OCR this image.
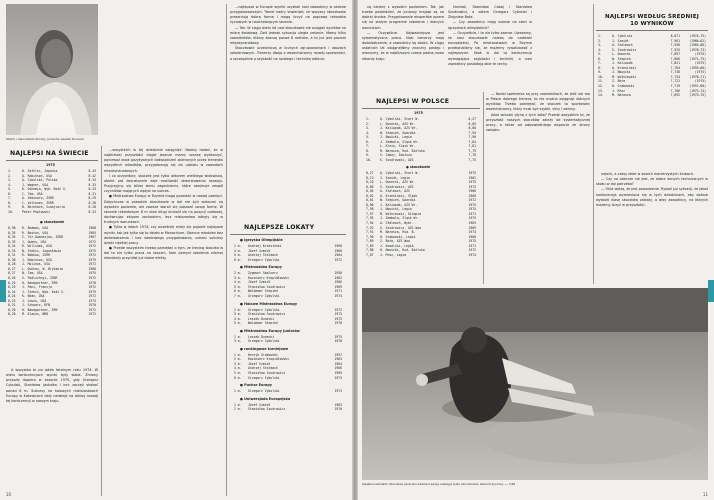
Mistrz i rekordzista Europy juniorów Leszek Dunecki
NAJLEPSI NA ŚWIECIE
1975
1.	H. Sattler, Japonia	8.43
2.	A. Robinson, USA	8.42
3.	Q. Cybulski, Polska	8.34
4.	J. Wagner, USA	8.33
5.	D. Ochemia, Wyb. Kość S.	8.33
6.	C. Tam, USA	8.31
7.	A. Seminaro, ZSRR	8.29
8.	C. Valtonen, ZSRR	8.28
9.	B. Bernhard, Szwajcaria	8.28
10.	Peter Pawlowski	8.23
● skoczkowie
8,90	R. Beamon, USA	1968
8,35	R. Boston, USA	1965
8,35	I. Ter-Owanesjan, ZSRR	1967
8,35	J. Owens, USA	1972
8,34	R. Williams, USA	1972
8,33	N. Stekic, Jugosławia	1975
8,31	K. Bobkow, ZSRR	1972
8,30	J. Robinson, USA	1975
8,28	J. Molinas, USA	1972
8,27	L. Dunkov, W. Brytania	1968
8,27	N. Tam, USA	1975
8,26	V. Podluzhnyi, ZSRR	1972
8,25	H. Baumgartner, RFN	1970
8,25	J. Pani, Francja	1972
8,24	J. Stekić, Wyb. Kość S.	1975
8,24	K. Bean, USA	1972
8,23	J. Lewis, USA	1973
8,21	J. Schwarz, RFN	1970
8,20	H. Baumgartner, RFN	1972
8,20	M. Klauss, NRD	1972

A wszystko to po jakim fatalnym roku 1974. W wielu konkurencjach wyniki były słabe. Zmiany przyszły dopiero w sezonie 1975, gdy Grzegorz Cybulski, Stanisław Jaskułka i inni zaczęli skakać ponad 8 m. Sukcesy na halowych mistrzostwach Europy w Katowicach dały nadzieję na dalszy rozwój tej konkurencji w naszym kraju.

...wszystkich w tej dziedzinie osiągnięć. Należy dodać, że w najbliższej przyszłości ciągle jeszcze mamy szansę wyskoczyć, ponieważ obok pozytywnych doświadczeń zbieranych przez trenerów wszystkich ośrodków, przygotowują się do udziału w zawodach międzynarodowych.

I co oczywiście, skoczek jest tylko aktorem wielkiego widowiska, obiekt zaś bezustannie daje możliwość obserwowania rozwoju. Przyjrzyjmy się bliżej temu zagadnieniu, które obejmuje zespół czynników mających wpływ na sukces.

● Mistrzostwa Europy w Rzymie mogą pozostać w naszej pamięci. Dotychczas w prawdzie skoczkowie w dal nie byli widoczni na wysokim poziomie, ale zawsze starali się pokazać swoją formę. W sezonie rekordowym 8 m skok długi utrwalił się na pozycji czołowej, dorównując ekipom zachodnim, lecz mistrzostwa odbyły się w trudnych warunkach.

● Tylko w latach 1974, czy wcześniej miały się pojawić najlepsze wyniki, tak jak tylko się to działo w Monachium. Obecna młodzież bez doświadczenia i bez właściwego przygotowania, odnosi sukcesy dzięki ciężkiej pracy.

● Przede wszystkim trzeba pamiętać o tym, że trening skoczka w dal to nie tylko praca na skoczni. Sam pomysł szkolenia zdolnej młodzieży przyniósł już dobre efekty.

...najlepsze w Europie wyniki uzyskali nasi zawodnicy w okresie przygotowawczym. Trener kadry stwierdził, że wszyscy skoczkowie prezentują dobrą formę i mogą liczyć na poprawę rekordów życiowych w nadchodzącym sezonie.

— Tak. W ciągu wielu lat nasi skoczkowie nie osiągali wyników na miarę światową. Dziś jednak sytuacja uległa zmianie. Mamy kilku zawodników, którzy skaczą ponad 8 metrów, a to już jest poziom międzynarodowy.

Skoczkowie uczestniczą w licznych zgrupowaniach i obozach szkoleniowych. Trenerzy dbają o wszechstronny rozwój sprawności, a szczególnie o szybkość na rozbiegu i technikę odbicia.

NAJLEPSZE LOKATY
● Igrzyska Olimpijskie
1 m.	Andrzej Krzesiński	1960
4 m.	Józef Szmidt	1960
5 m.	Andrzej Stalmach	1964
6 m.	Grzegorz Cybulski	1972
● Mistrzostwa Europy
2 m.	Zygmunt Smalcerz	1958
3 m.	Kazimierz Kropidłowski	1962
4 m.	Józef Szmidt	1966
5 m.	Stanisław Szudrowicz	1969
6 m.	Waldemar Stepień	1971
7 m.	Grzegorz Cybulski	1974
● Halowe Mistrzostwa Europy
2 m.	Grzegorz Cybulski	1972
3 m.	Stanisław Szudrowicz	1973
4 m.	Leszek Dunecki	1975
5 m.	Waldemar Stepień	1970
● Mistrzostwa Europy Juniorów
1 m.	Leszek Dunecki	1975
3 m.	Grzegorz Cybulski	1970
● rankingowe turniejowe
1 m.	Henryk Grabowski	1957
2 m.	Kazimierz Kropidłowski	1963
3 m.	Józef Szmidt	1964
4 m.	Andrzej Stalmach	1966
5 m.	Stanisław Szudrowicz	1969
6 m.	Grzegorz Cybulski	1973
● Puchar Europy
1 m.	Grzegorz Cybulski	1973
● Uniwersjada Europejska
1 m.	Józef Szmidt	1963
2 m.	Stanisław Szudrowicz	1970
10

ną karierę z wysokim poziomem. Tak, jak trzeba powiedzieć, że juniorzy krajowi są na dobrej drodze. Przygotowanie ekspertów opiera się na stałym programie szkolenia i dobrych warunkach.

— Oczywiście. Najważniejsza jest systematyczna praca. Nasi trenerzy mają doświadczenie, a zawodnicy są zdolni. W ciągu ostatnich lat osiągnęliśmy znaczny postęp i wierzymy, że w najbliższym czasie padną nowe rekordy kraju.

Homiak, Stanisław Cabaj i Stanisław Szudrowicz, a zatem Grzegorz Cybulski i Zbigniew Bota.

— Czy zawodnicy mają szanse na start w igrzyskach olimpijskich?

— Oczywiście, i to nie tylko szanse. Uważamy, że nasi skoczkowie należą do czołówki europejskiej. Po mistrzostwach w Rzymie przekonaliśmy się, że możemy rywalizować z najlepszymi. Skok w dal to konkurencja wymagająca szybkości i techniki, a nasi zawodnicy posiadają obie te cechy.

NAJLEPSI W POLSCE
1975
1.	Q. Cybulski, Start W.	8,27
2.	L. Dunecki, AZS Wr.	8,05
3.	J. Kaliwoda, AZS Wr.	8,00
4.	W. Stepień, Gwardia	7,94
5.	J. Nowicki, Legia	7,90
6.	J. Zembala, Śląsk Wr.	7,84
7.	L. Klein, Śląsk Wr.	7,81
8.	M. Narasza, Rud. Bielsko	7,79
9.	S. Cabaj, Zawisza	7,78
10.	E. Szudrowski, AZS	7,75
● skoczkowie
8,27	Q. Cybulski, Start W.	1975
8,13	J. Szmidt, Legia	1962
8,10	L. Dunecki, AZS Wr.	1975
8,06	S. Szudrowicz, AZS	1973
8,05	A. Stalmach, AZS	1966
8,02	A. Krzesiński, Śląsk	1960
8,01	W. Stepień, Gwardia	1972
8,00	J. Kaliwoda, AZS Wr.	1975
7,98	J. Nowicki, Legia	1975
7,97	M. Wiśniewski, Olimpia	1971
7,95	J. Zembala, Śląsk Wr.	1975
7,94	A. Stalmach, Wybr.	1965
7,92	S. Szudrowicz, AZS Wwa	1969
7,91	M. Narasza, Rud. B.	1974
7,90	H. Grabowski, Legia	1960
7,89	Z. Bota, AZS Wwa	1975
7,89	J. Kowalski, Legia	1971
7,88	H. Nowicki, Rud. Bielsko	1972
7,87	J. Mroz, Legia	1974

— Nadal spełnienia są przy zawodnikach, że jeśli nie ma w Polsce dobrego trenera, to nie można osiągnąć dobrych wyników. Trzeba pamiętać, że skoczek to sportowiec wszechstronny, który musi być szybki, silny i zwinny.

Jakie wnioski płyną z tych słów? Przede wszystkim to, że przyszłość naszych skoczków zależy od systematycznej pracy, a także od odpowiedniego wsparcia ze strony związku.

NAJLEPSI WEDŁUG ŚREDNIEJ 10 WYNIKÓW
1.	Q. Cybulski	8,071	(1974—75)
2.	J. Szmidt	7,961	(1960—62)
3.	A. Stalmach	7,958	(1965—66)
4.	S. Szudrowicz	7,925	(1970—73)
5.	L. Dunecki	7,897	(1975)
6.	W. Stepień	7,866	(1971—73)
7.	J. Kaliwoda	7,821	(1975)
8.	A. Krzesiński	7,784	(1959—60)
9.	J. Nowicki	7,748	(1975)
10.	M. Wiśniewski	7,734	(1970—71)
11.	Z. Bota	7,722	(1975)
12.	H. Grabowski	7,719	(1957—60)
13.	J. Mroz	7,706	(1973—74)
14.	M. Narasza	7,692	(1973—75)

nejach, a czasy złote w swoich macierzystych klubach.

— Czy na obecnie nie jest, że dobre danych technicznych w skoku w dal potrzeba?

— Otóż widzę, że jest powodzenie. Rywali już sytuacji, że jakoś konkurencja wymieniona się w tych dziedzinach, aby dobrze wyskoki klasę skoczków zostały, a więc zawodnicy, na których możemy liczyć w przyszłości.

Siedemnastoletni Stanisław Jaskułka zadziwił swoją odwagą tylko skoczkowie. Rekord życiowy — 7,86
11
